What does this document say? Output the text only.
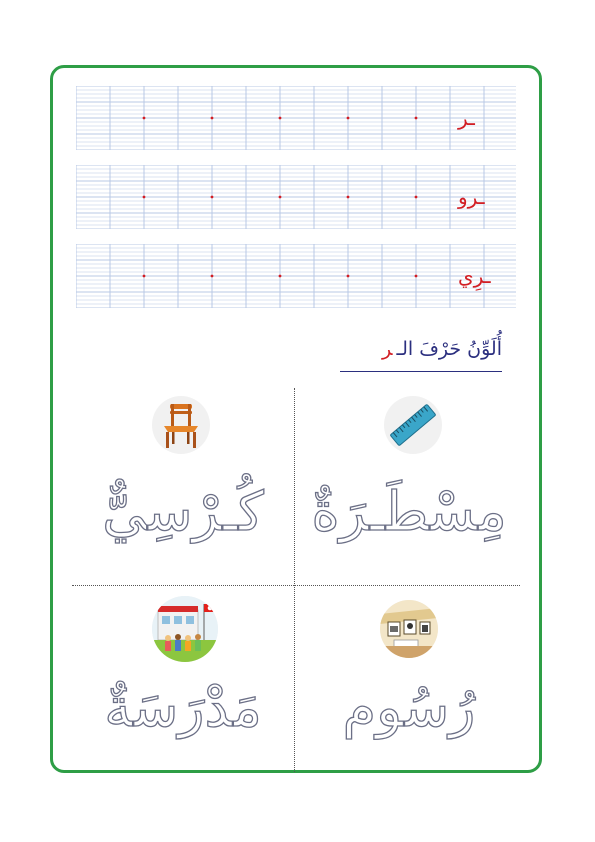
ـر
ـرو
ـرِي
أُلَوِّنُ حَرْفَ الـر
مِسْطَـرَةٌ
كُـرْسِيٌّ
رُسُوم
مَدْرَسَةٌ
